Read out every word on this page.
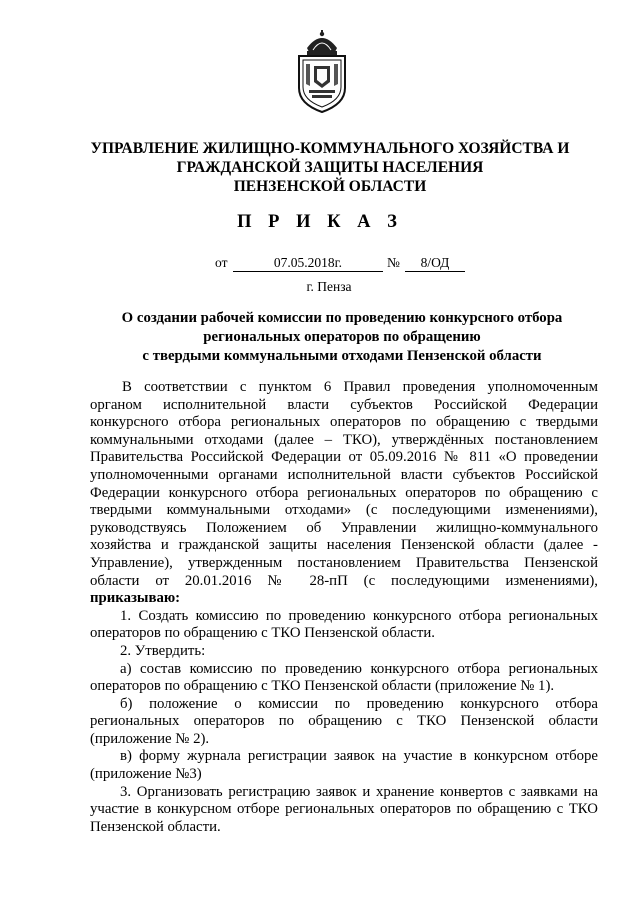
УПРАВЛЕНИЕ ЖИЛИЩНО-КОММУНАЛЬНОГО ХОЗЯЙСТВА И
ГРАЖДАНСКОЙ ЗАЩИТЫ НАСЕЛЕНИЯ
ПЕНЗЕНСКОЙ ОБЛАСТИ
П Р И К А З
от	07.05.2018г.	№	8/ОД
г. Пенза
О создании рабочей комиссии по проведению конкурсного отбора
региональных операторов по обращению
с твердыми коммунальными отходами Пензенской области

В соответствии с пунктом 6 Правил проведения уполномоченным

органом исполнительной власти субъектов Российской Федерации

конкурсного отбора региональных операторов по обращению с твердыми

коммунальными отходами (далее – ТКО), утверждённых постановлением

Правительства Российской Федерации от 05.09.2016 № 811 «О проведении

уполномоченными органами исполнительной власти субъектов Российской

Федерации конкурсного отбора региональных операторов по обращению с

твердыми коммунальными отходами» (с последующими изменениями),

руководствуясь Положением об Управлении жилищно-коммунального

хозяйства и гражданской защиты населения Пензенской области (далее -

Управление), утвержденным постановлением Правительства Пензенской

области от 20.01.2016 № 28-пП (с последующими изменениями),

приказываю:

1. Создать комиссию по проведению конкурсного отбора региональных

операторов по обращению с ТКО Пензенской области.

2. Утвердить:

а) состав комиссию по проведению конкурсного отбора региональных

операторов по обращению с ТКО Пензенской области (приложение № 1).

б) положение о комиссии по проведению конкурсного отбора

региональных операторов по обращению с ТКО Пензенской области

(приложение № 2).

в) форму журнала регистрации заявок на участие в конкурсном отборе

(приложение №3)

3. Организовать регистрацию заявок и хранение конвертов с заявками на

участие в конкурсном отборе региональных операторов по обращению с ТКО

Пензенской области.
